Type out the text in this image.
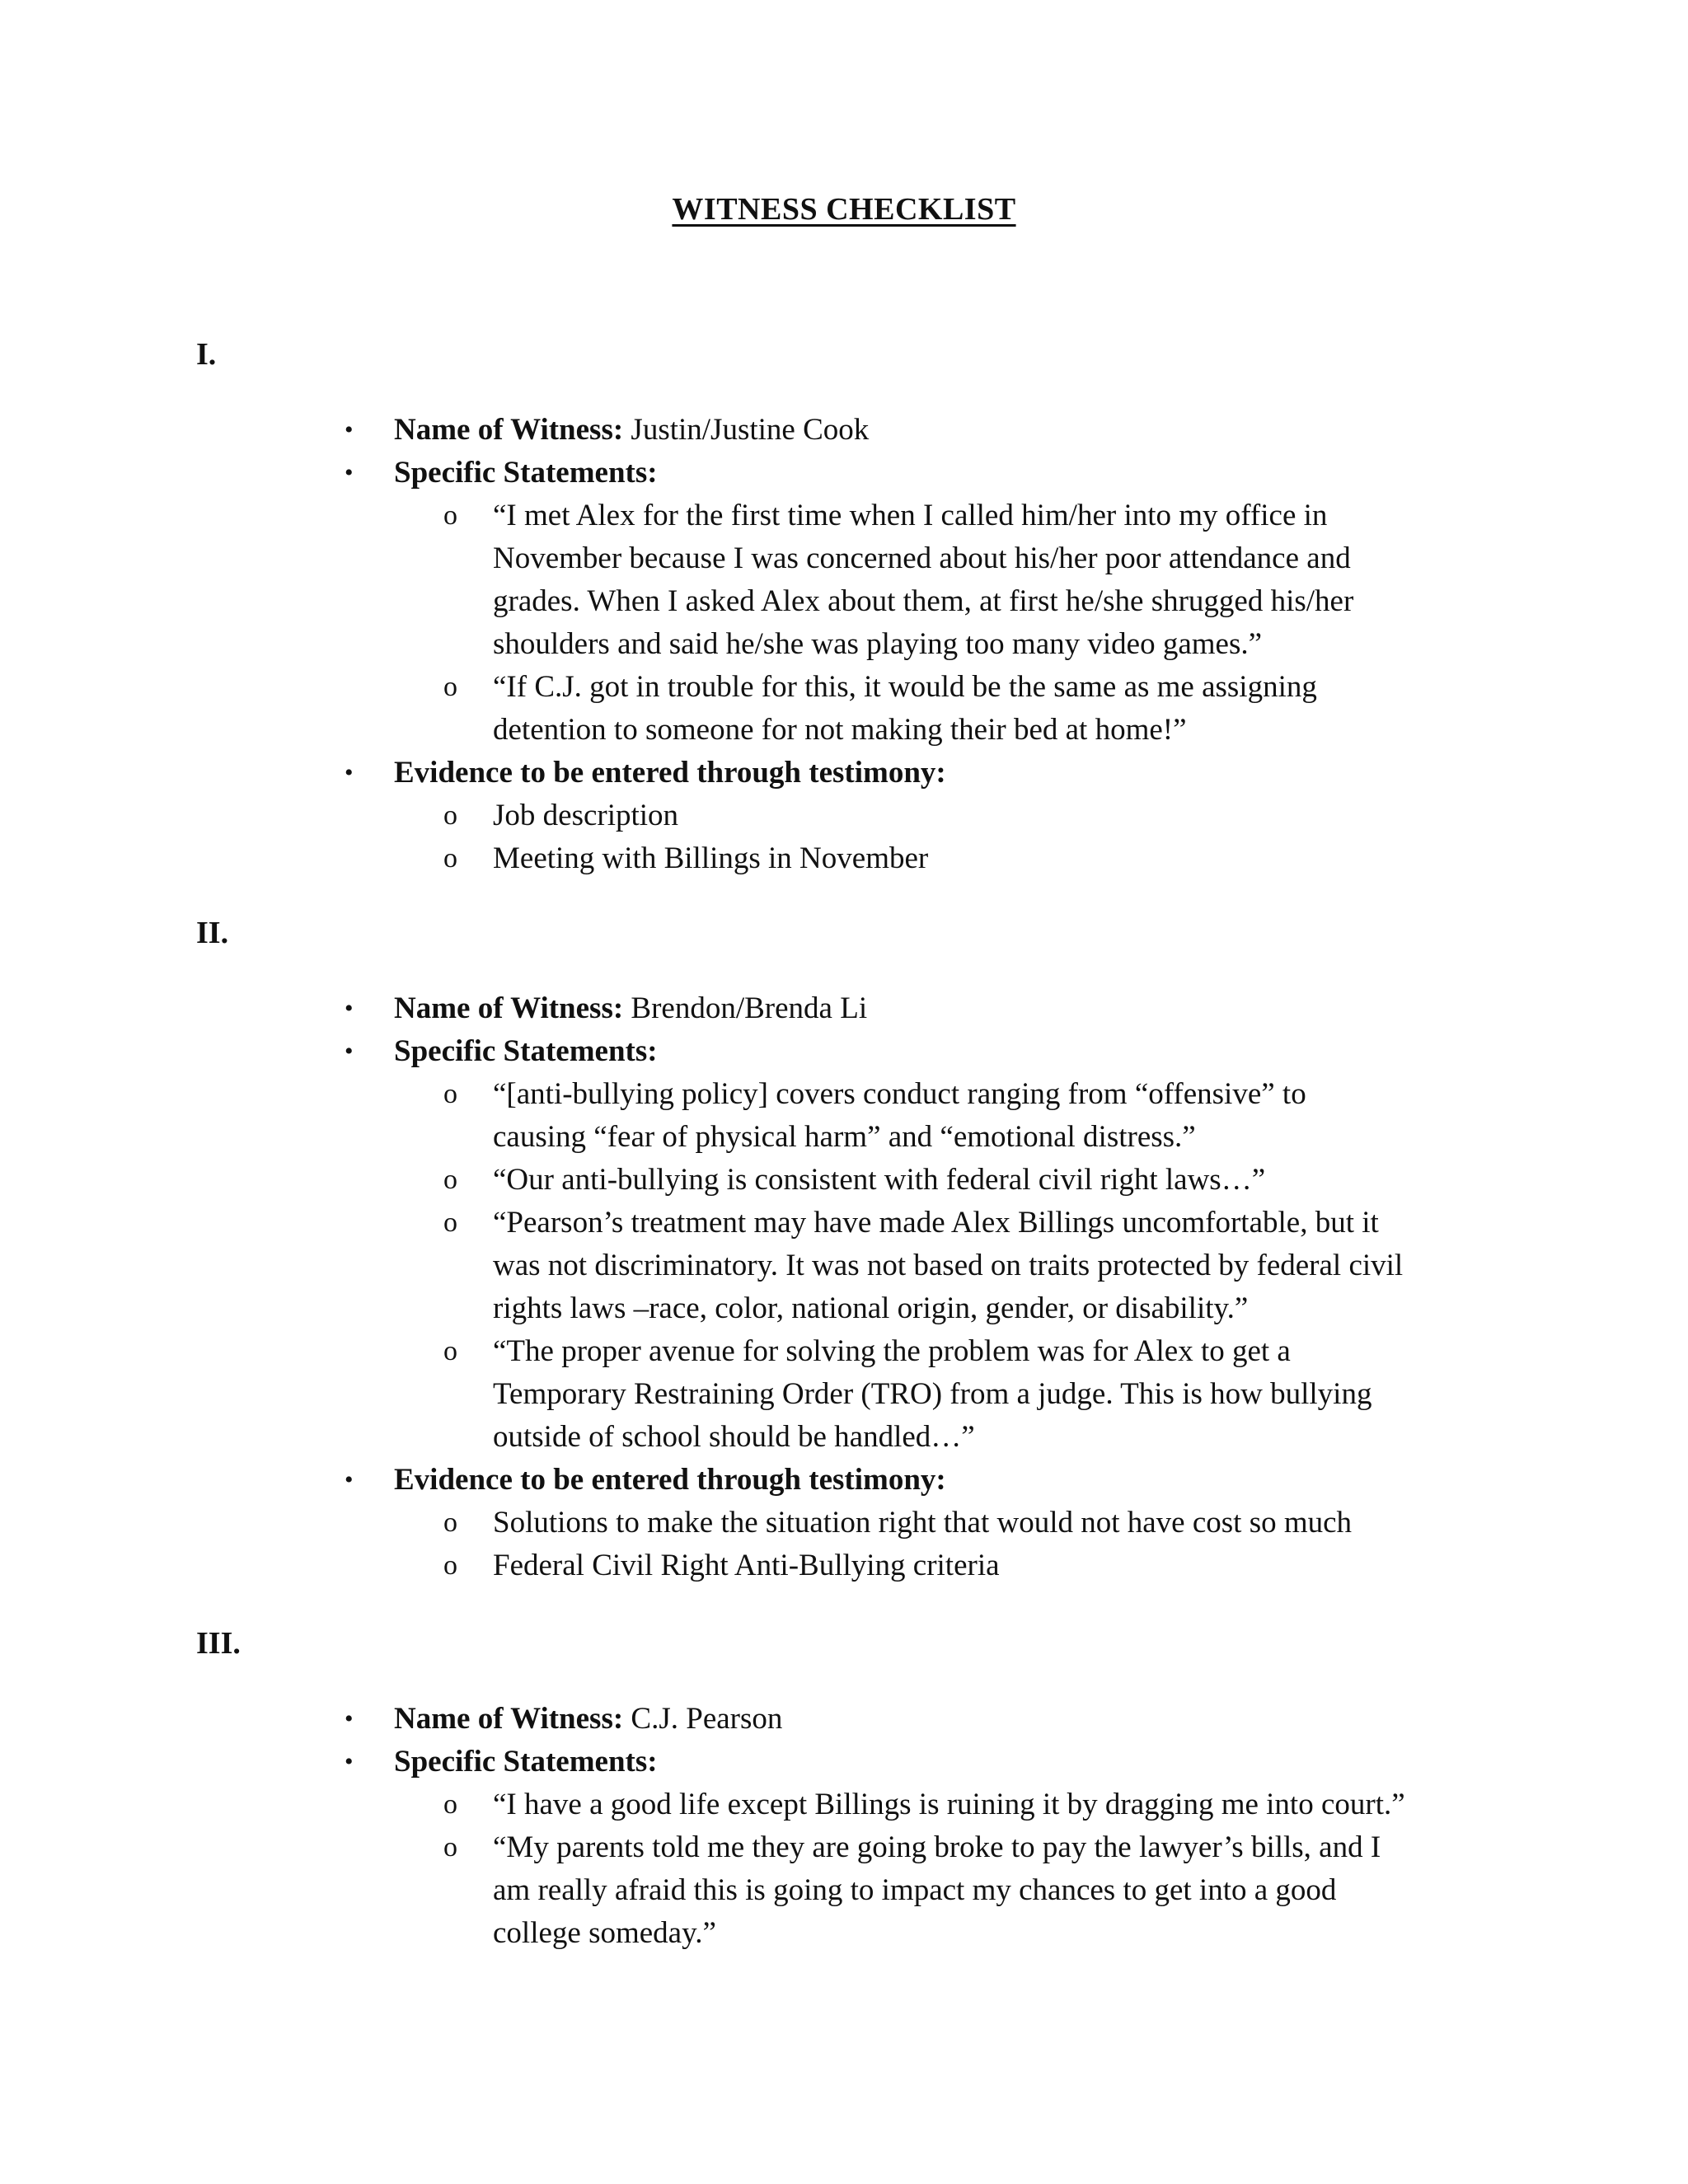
WITNESS CHECKLIST
I.
• Name of Witness: Justin/Justine Cook
• Specific Statements:
o “I met Alex for the first time when I called him/her into my office in
November because I was concerned about his/her poor attendance and
grades. When I asked Alex about them, at first he/she shrugged his/her
shoulders and said he/she was playing too many video games.”
o “If C.J. got in trouble for this, it would be the same as me assigning
detention to someone for not making their bed at home!”
• Evidence to be entered through testimony:
o Job description
o Meeting with Billings in November
II.
• Name of Witness: Brendon/Brenda Li
• Specific Statements:
o “[anti-bullying policy] covers conduct ranging from “offensive” to
causing “fear of physical harm” and “emotional distress.”
o “Our anti-bullying is consistent with federal civil right laws…”
o “Pearson’s treatment may have made Alex Billings uncomfortable, but it
was not discriminatory. It was not based on traits protected by federal civil
rights laws –race, color, national origin, gender, or disability.”
o “The proper avenue for solving the problem was for Alex to get a
Temporary Restraining Order (TRO) from a judge. This is how bullying
outside of school should be handled…”
• Evidence to be entered through testimony:
o Solutions to make the situation right that would not have cost so much
o Federal Civil Right Anti-Bullying criteria
III.
• Name of Witness: C.J. Pearson
• Specific Statements:
o “I have a good life except Billings is ruining it by dragging me into court.”
o “My parents told me they are going broke to pay the lawyer’s bills, and I
am really afraid this is going to impact my chances to get into a good
college someday.”
